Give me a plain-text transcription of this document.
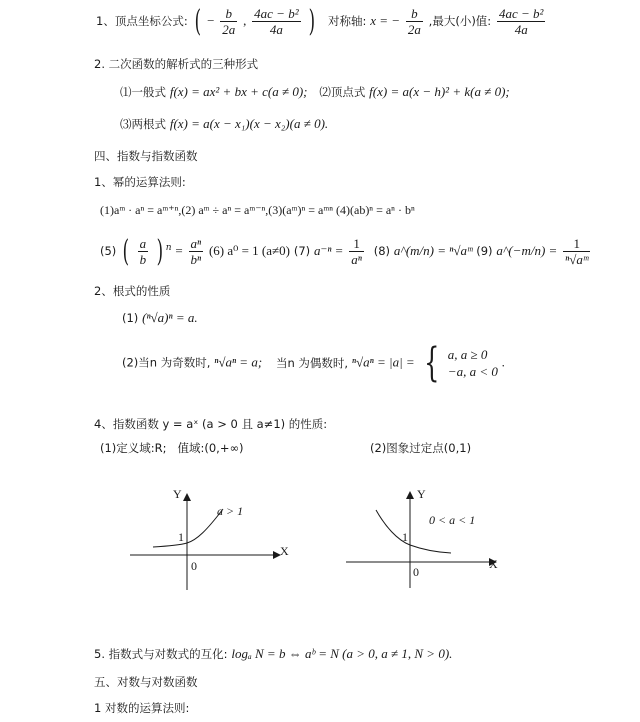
1、顶点坐标公式: ( − $\frac{b}{2a}$ , $\frac{\text{4ac − b²}}{4a}$ ) 对称轴: x = − $\frac{b}{2a}$ ,最大(小)值: $\frac{\text{4ac − b²}}{4a}$
2. 二次函数的解析式的三种形式
⑴一般式 f(x) = ax² + bx + c(a ≠ 0); ⑵顶点式 f(x) = a(x − h)² + k(a ≠ 0);
⑶两根式 f(x) = a(x − x₁)(x − x₂)(a ≠ 0).
四、指数与指数函数
1、幂的运算法则:
(1)aᵐ · aⁿ = aᵐ⁺ⁿ,(2) aᵐ ÷ aⁿ = aᵐ⁻ⁿ,(3)(aᵐ)ⁿ = aᵐⁿ (4)(ab)ⁿ = aⁿ · bⁿ
(5) ( $\frac{a}{b}$ ) $^n = \frac{\text{aⁿ}}{\text{bⁿ}} (6) a^0 = 1$ (a≠0) (7) $a^{-n} = \frac{1}{\text{aⁿ}} (8)$ a^(m/n) = ⁿ√aᵐ (9) a^(−m/n) = $\frac{1}{\text{ⁿ√aᵐ}}$
2、根式的性质
(1) (ⁿ√a)ⁿ = a.
(2)当n 为奇数时, ⁿ√aⁿ = a; 当n 为偶数时, ⁿ√aⁿ = |a| = { a, a ≥ 0
−a, a < 0
.
4、指数函数 y = aˣ (a > 0 且 a≠1) 的性质:
(1)定义域:R;   值域:(0,+∞)	(2)图象过定点(0,1)
Y
X
0
1
a > 1
Y
X
0
1
0 < a < 1
5. 指数式与对数式的互化: logₐ N = b ⇔ aᵇ = N (a > 0, a ≠ 1, N > 0).
五、对数与对数函数
1 对数的运算法则:
